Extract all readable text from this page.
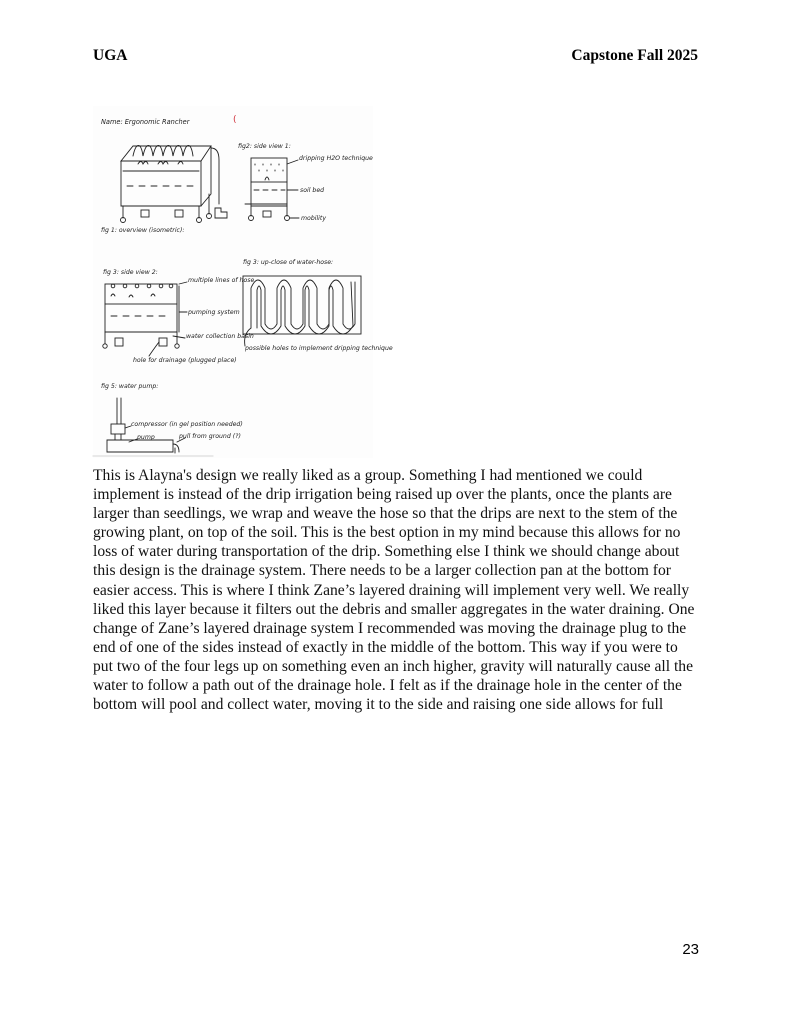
UGA	Capstone Fall 2025
Name: Ergonomic Rancher	(
fig 1: overview (isometric):
fig2: side view 1:
dripping H2O technique
soil bed
mobility
fig 3: side view 2:
multiple lines of hose
pumping system
water collection basin
hole for drainage (plugged place)
fig 3: up-close of water-hose:
possible holes to implement dripping technique
fig 5: water pump:
compressor (in gel position needed)
pump	pull from ground (?)
This is Alayna's design we really liked as a group. Something I had mentioned we could
implement is instead of the drip irrigation being raised up over the plants, once the plants are
larger than seedlings, we wrap and weave the hose so that the drips are next to the stem of the
growing plant, on top of the soil. This is the best option in my mind because this allows for no
loss of water during transportation of the drip. Something else I think we should change about
this design is the drainage system. There needs to be a larger collection pan at the bottom for
easier access. This is where I think Zane’s layered draining will implement very well. We really
liked this layer because it filters out the debris and smaller aggregates in the water draining. One
change of Zane’s layered drainage system I recommended was moving the drainage plug to the
end of one of the sides instead of exactly in the middle of the bottom. This way if you were to
put two of the four legs up on something even an inch higher, gravity will naturally cause all the
water to follow a path out of the drainage hole. I felt as if the drainage hole in the center of the
bottom will pool and collect water, moving it to the side and raising one side allows for full
23
